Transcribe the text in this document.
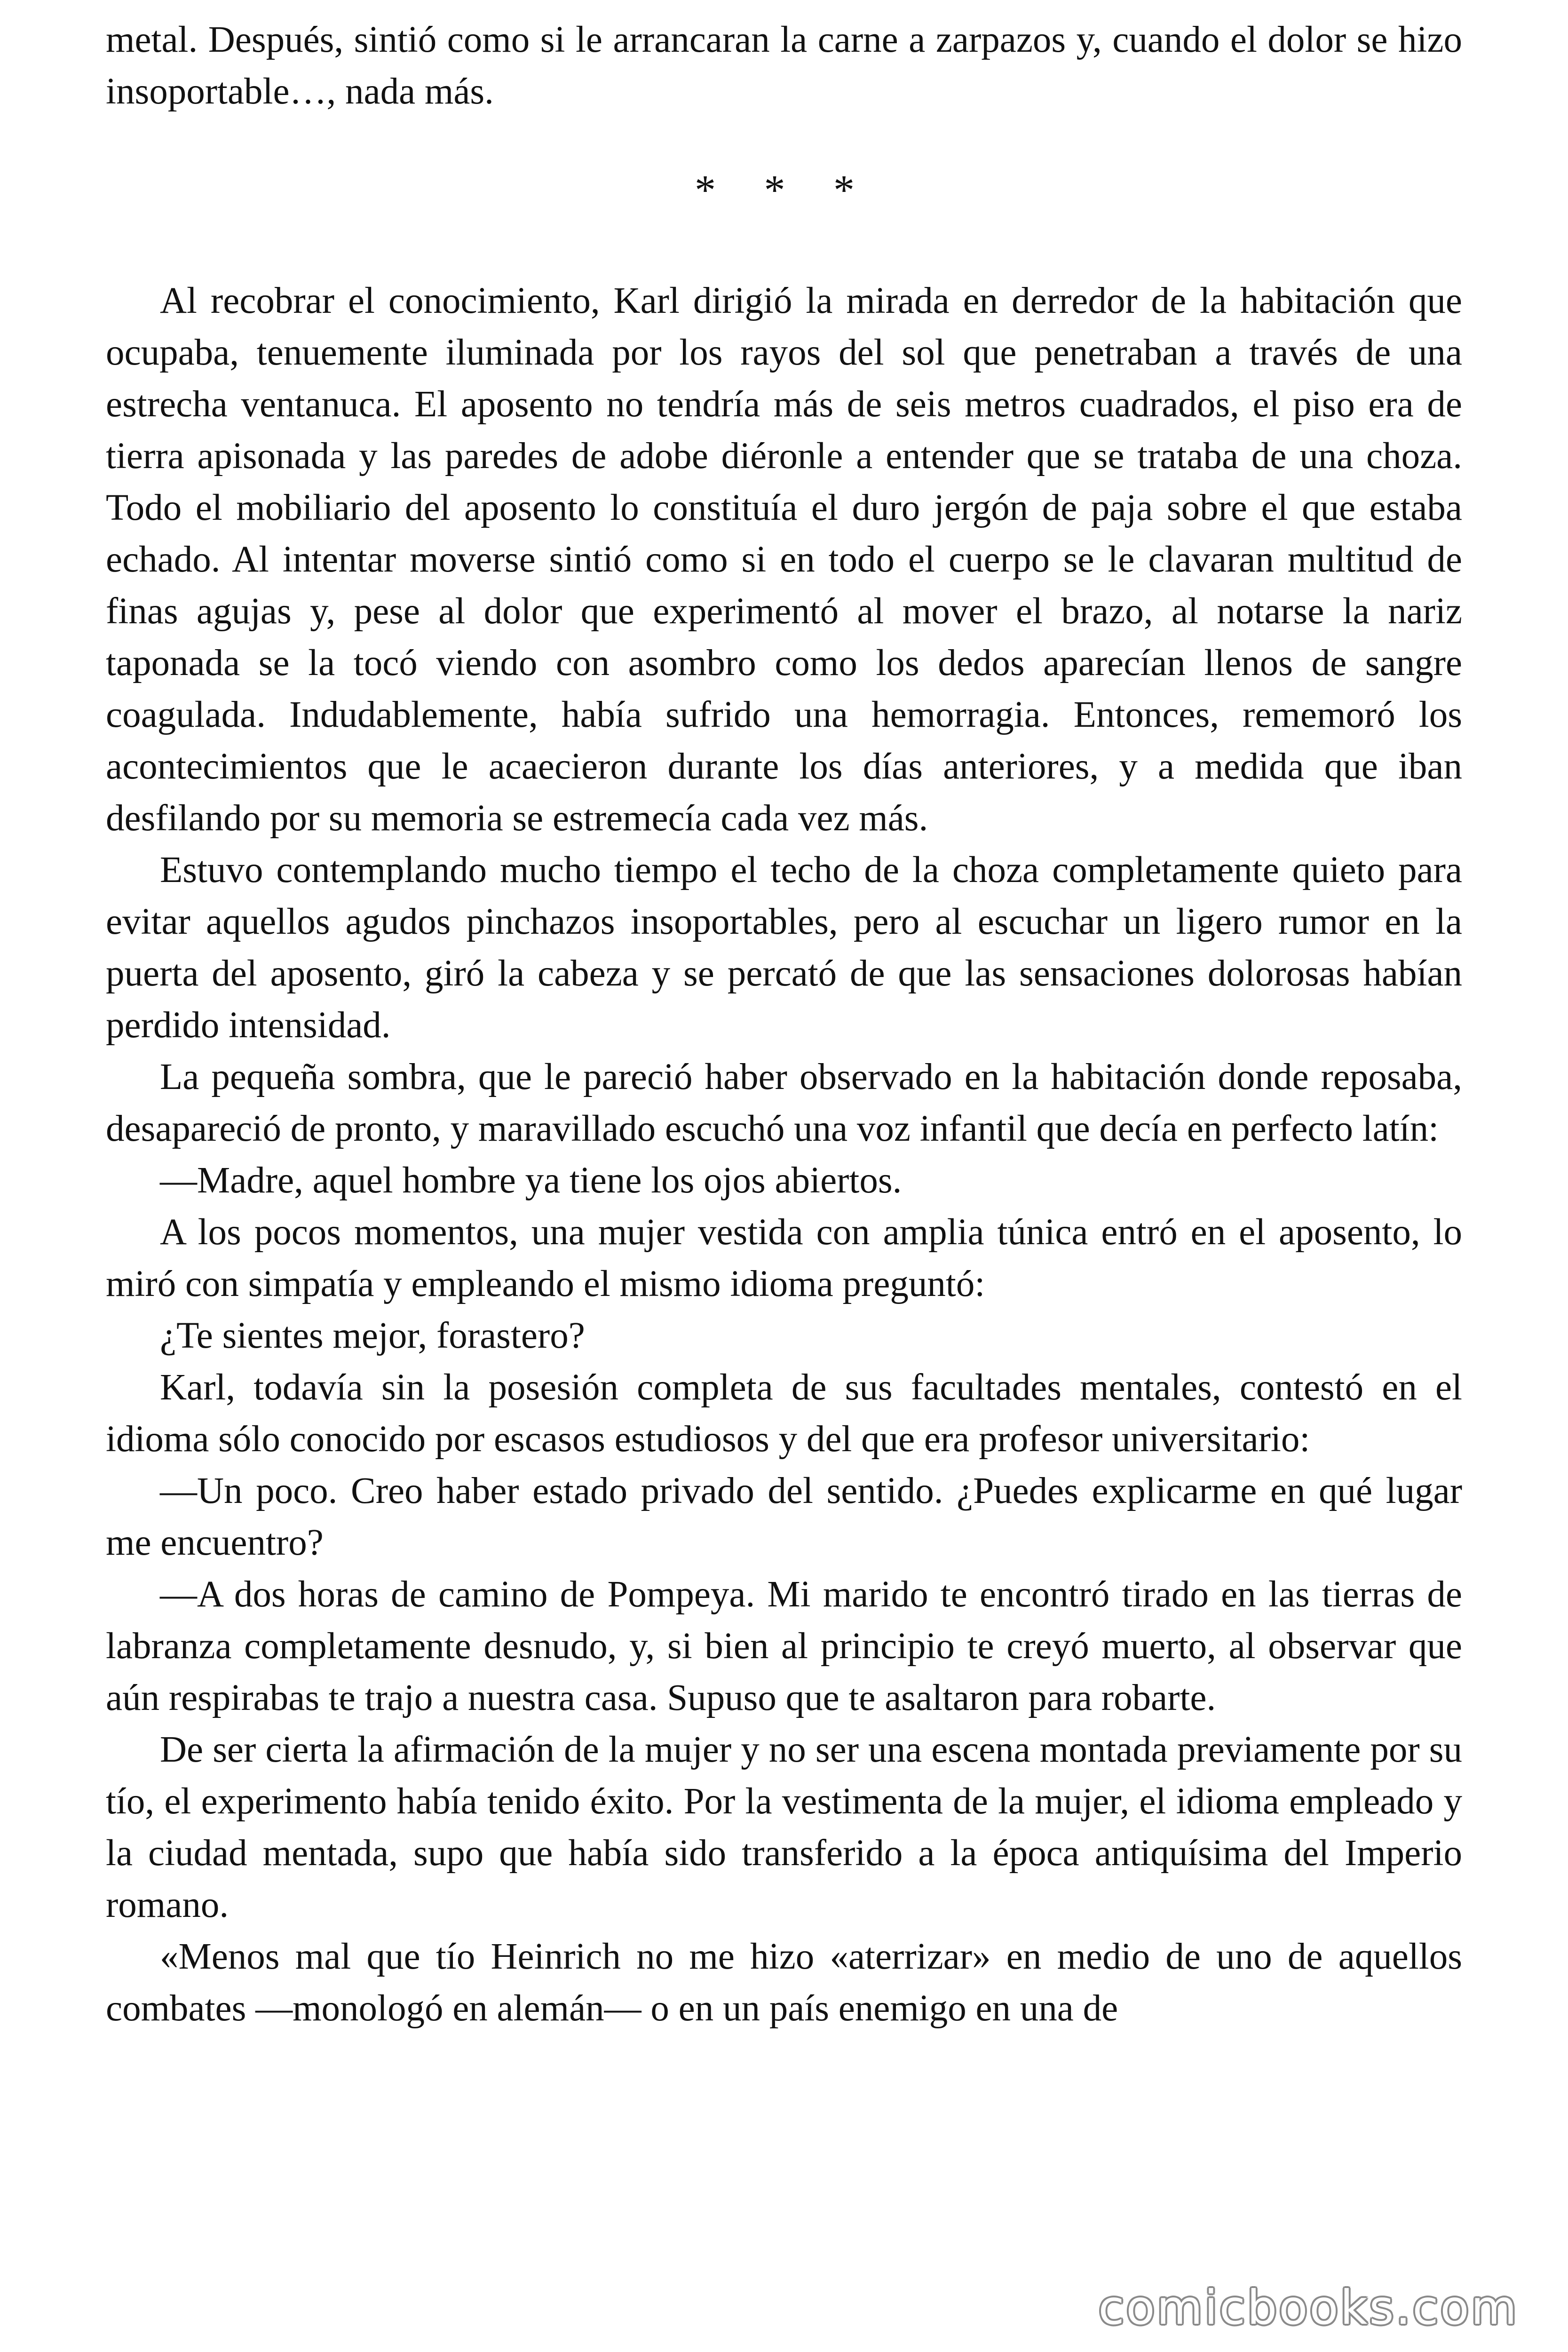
metal. Después, sintió como si le arrancaran la carne a zarpazos y, cuando el dolor se hizo insoportable…, nada más.

* * *

Al recobrar el conocimiento, Karl dirigió la mirada en derredor de la habitación que ocupaba, tenuemente iluminada por los rayos del sol que penetraban a través de una estrecha ventanuca. El aposento no tendría más de seis metros cuadrados, el piso era de tierra apisonada y las paredes de adobe diéronle a entender que se trataba de una choza. Todo el mobiliario del aposento lo constituía el duro jergón de paja sobre el que estaba echado. Al intentar moverse sintió como si en todo el cuerpo se le clavaran multitud de finas agujas y, pese al dolor que experimentó al mover el brazo, al notarse la nariz taponada se la tocó viendo con asombro como los dedos aparecían llenos de sangre coagulada. Indudablemente, había sufrido una hemorragia. Entonces, rememoró los acontecimientos que le acaecieron durante los días anteriores, y a medida que iban desfilando por su memoria se estremecía cada vez más.

Estuvo contemplando mucho tiempo el techo de la choza completamente quieto para evitar aquellos agudos pinchazos insoportables, pero al escuchar un ligero rumor en la puerta del aposento, giró la cabeza y se percató de que las sensaciones dolorosas habían perdido intensidad.

La pequeña sombra, que le pareció haber observado en la habitación donde reposaba, desapareció de pronto, y maravillado escuchó una voz infantil que decía en perfecto latín:

—Madre, aquel hombre ya tiene los ojos abiertos.

A los pocos momentos, una mujer vestida con amplia túnica entró en el aposento, lo miró con simpatía y empleando el mismo idioma preguntó:

¿Te sientes mejor, forastero?

Karl, todavía sin la posesión completa de sus facultades mentales, contestó en el idioma sólo conocido por escasos estudiosos y del que era profesor universitario:

—Un poco. Creo haber estado privado del sentido. ¿Puedes explicarme en qué lugar me encuentro?

—A dos horas de camino de Pompeya. Mi marido te encontró tirado en las tierras de labranza completamente desnudo, y, si bien al principio te creyó muerto, al observar que aún respirabas te trajo a nuestra casa. Supuso que te asaltaron para robarte.

De ser cierta la afirmación de la mujer y no ser una escena montada previamente por su tío, el experimento había tenido éxito. Por la vestimenta de la mujer, el idioma empleado y la ciudad mentada, supo que había sido transferido a la época antiquísima del Imperio romano.

«Menos mal que tío Heinrich no me hizo «aterrizar» en medio de uno de aquellos combates —monologó en alemán— o en un país enemigo en una de

comicbooks.com
